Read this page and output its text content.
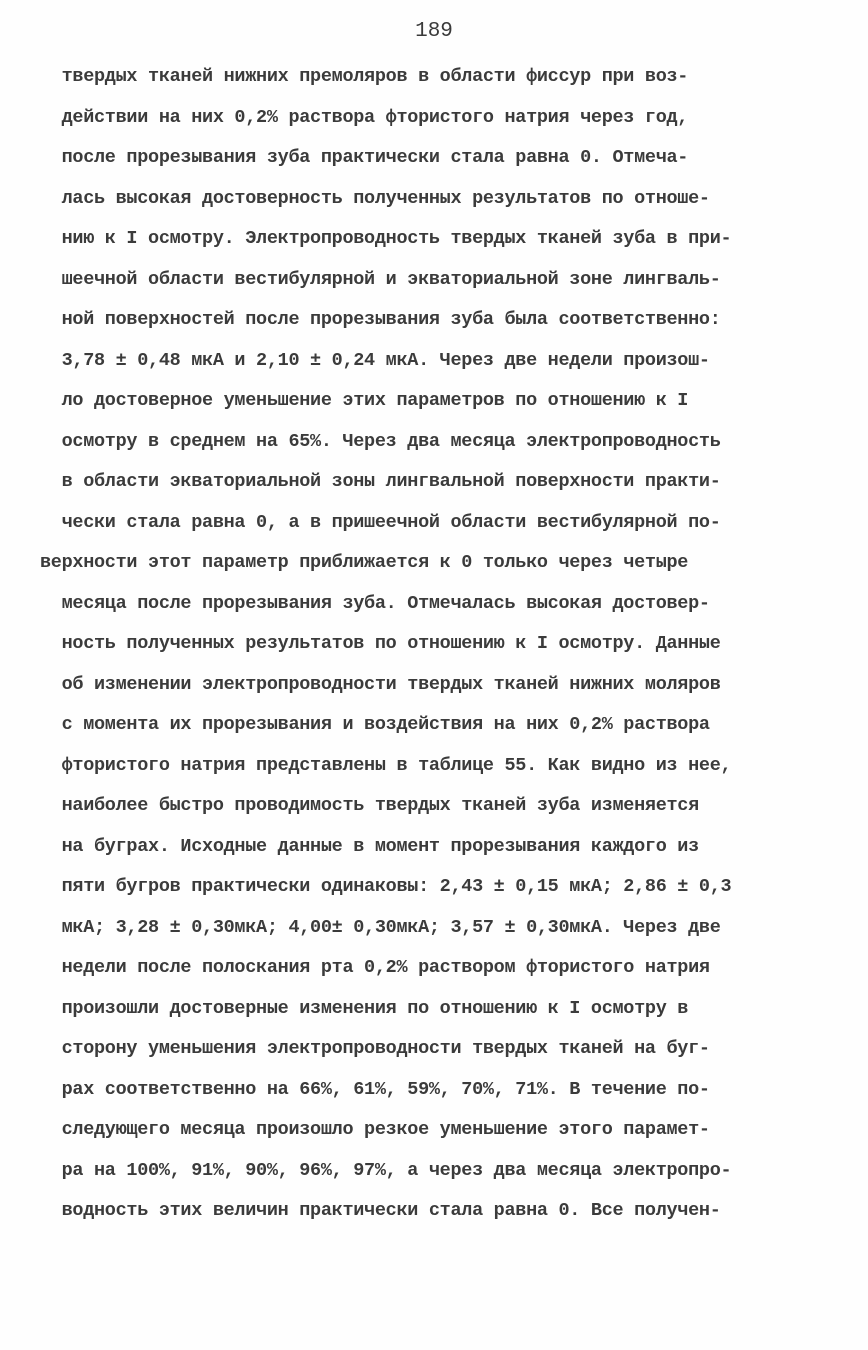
189
твердых тканей нижних премоляров в области фиссур при воз-
действии на них 0,2% раствора фтористого натрия через год,
после прорезывания зуба практически стала равна 0. Отмеча-
лась высокая достоверность полученных результатов по отноше-
нию к I осмотру. Электропроводность твердых тканей зуба в при-
шеечной области вестибулярной и экваториальной зоне лингваль-
ной поверхностей после прорезывания зуба была соответственно:
3,78 ± 0,48 мкА и 2,10 ± 0,24 мкА. Через две недели произош-
ло достоверное уменьшение этих параметров по отношению к I
осмотру в среднем на 65%. Через два месяца электропроводность
в области экваториальной зоны лингвальной поверхности практи-
чески стала равна 0, а в пришеечной области вестибулярной по-
верхности этот параметр приближается к 0 только через четыре
месяца после прорезывания зуба. Отмечалась высокая достовер-
ность полученных результатов по отношению к I осмотру. Данные
об изменении электропроводности твердых тканей нижних моляров
с момента их прорезывания и воздействия на них 0,2% раствора
фтористого натрия представлены в таблице 55. Как видно из нее,
наиболее быстро проводимость твердых тканей зуба изменяется
на буграх. Исходные данные в момент прорезывания каждого из
пяти бугров практически одинаковы: 2,43 ± 0,15 мкА; 2,86 ± 0,3
мкА; 3,28 ± 0,30мкА; 4,00± 0,30мкА; 3,57 ± 0,30мкА. Через две
недели после полоскания рта 0,2% раствором фтористого натрия
произошли достоверные изменения по отношению к I осмотру в
сторону уменьшения электропроводности твердых тканей на буг-
рах соответственно на 66%, 61%, 59%, 70%, 71%. В течение по-
следующего месяца произошло резкое уменьшение этого парамет-
ра на 100%, 91%, 90%, 96%, 97%, а через два месяца электропро-
водность этих величин практически стала равна 0. Все получен-
